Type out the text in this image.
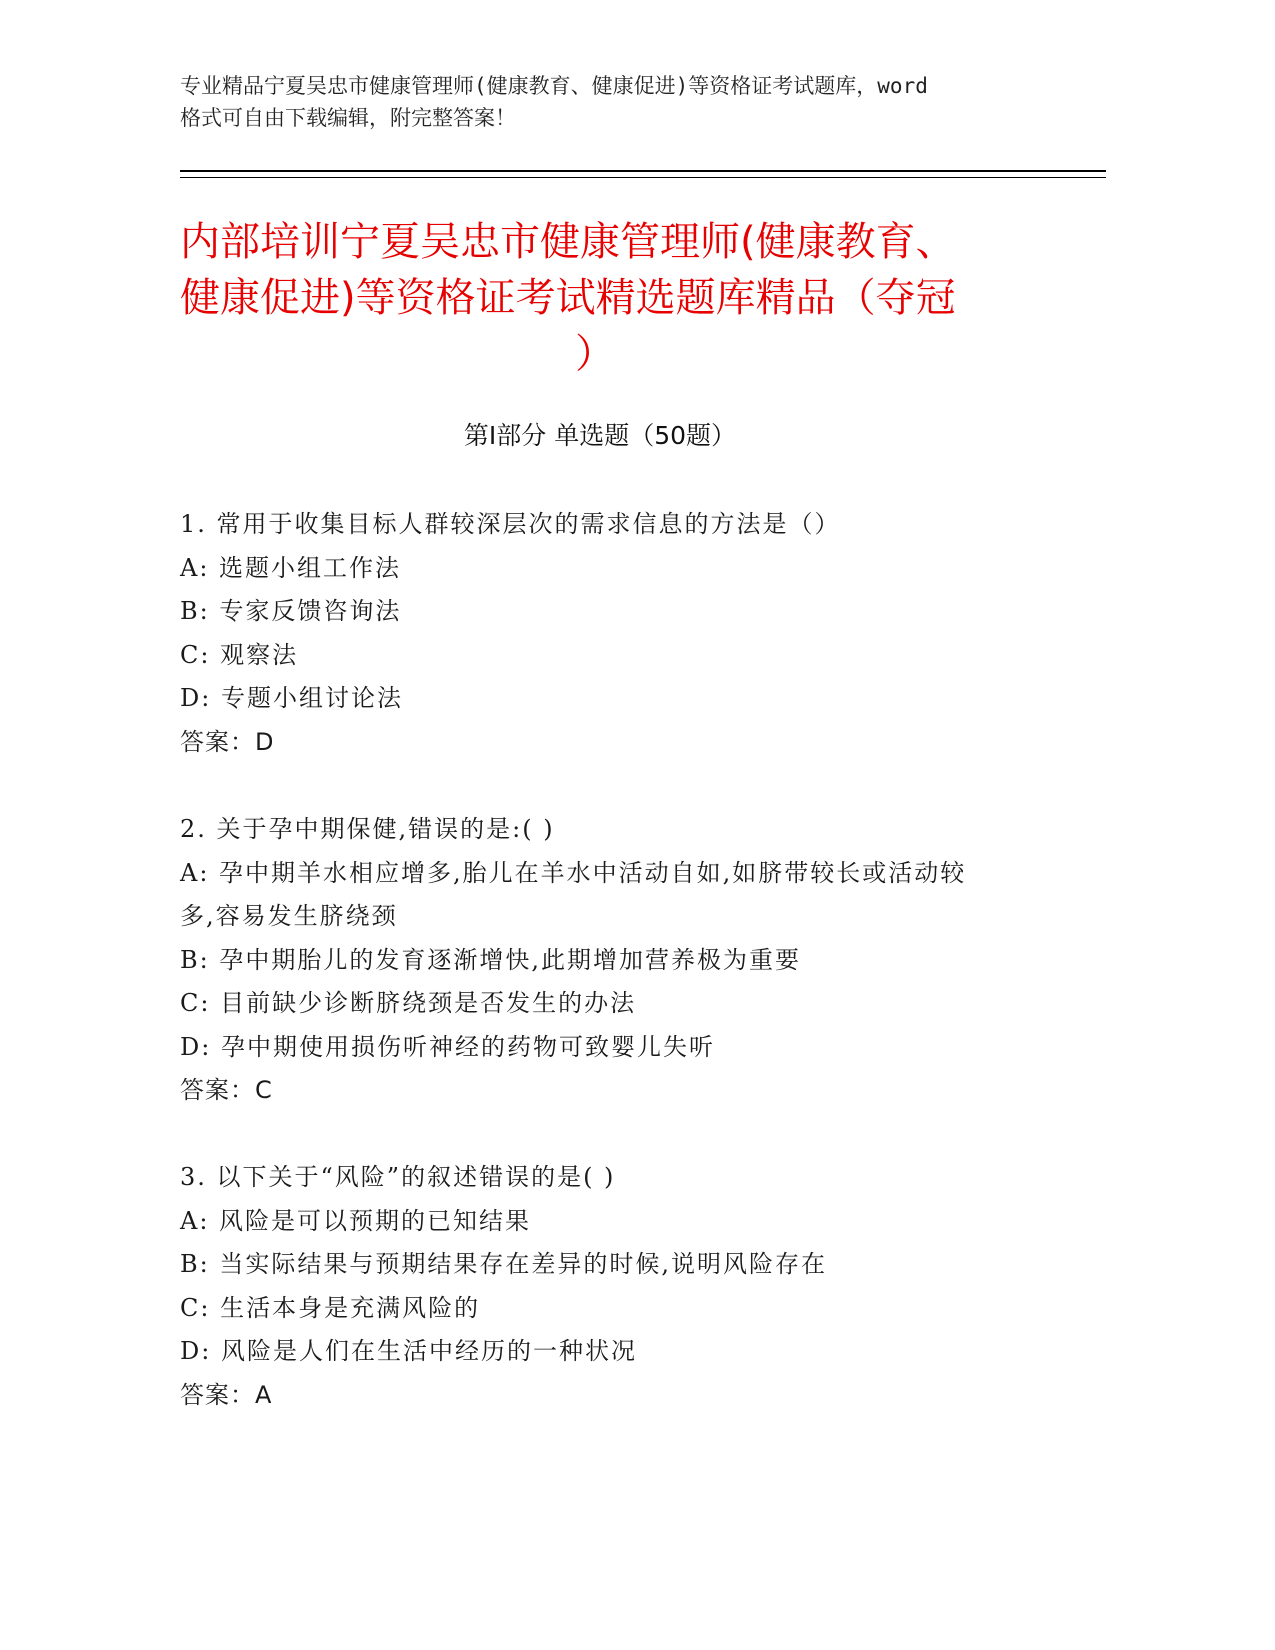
专业精品宁夏吴忠市健康管理师(健康教育、健康促进)等资格证考试题库，word
格式可自由下载编辑，附完整答案！
内部培训宁夏吴忠市健康管理师(健康教育、
健康促进)等资格证考试精选题库精品（夺冠
）
第Ⅰ部分 单选题（50题）
1. 常用于收集目标人群较深层次的需求信息的方法是（）
A: 选题小组工作法
B: 专家反馈咨询法
C: 观察法
D: 专题小组讨论法
答案：D
2. 关于孕中期保健,错误的是:( )
A: 孕中期羊水相应增多,胎儿在羊水中活动自如,如脐带较长或活动较
多,容易发生脐绕颈
B: 孕中期胎儿的发育逐渐增快,此期增加营养极为重要
C: 目前缺少诊断脐绕颈是否发生的办法
D: 孕中期使用损伤听神经的药物可致婴儿失听
答案：C
3. 以下关于“风险”的叙述错误的是( )
A: 风险是可以预期的已知结果
B: 当实际结果与预期结果存在差异的时候,说明风险存在
C: 生活本身是充满风险的
D: 风险是人们在生活中经历的一种状况
答案：A
